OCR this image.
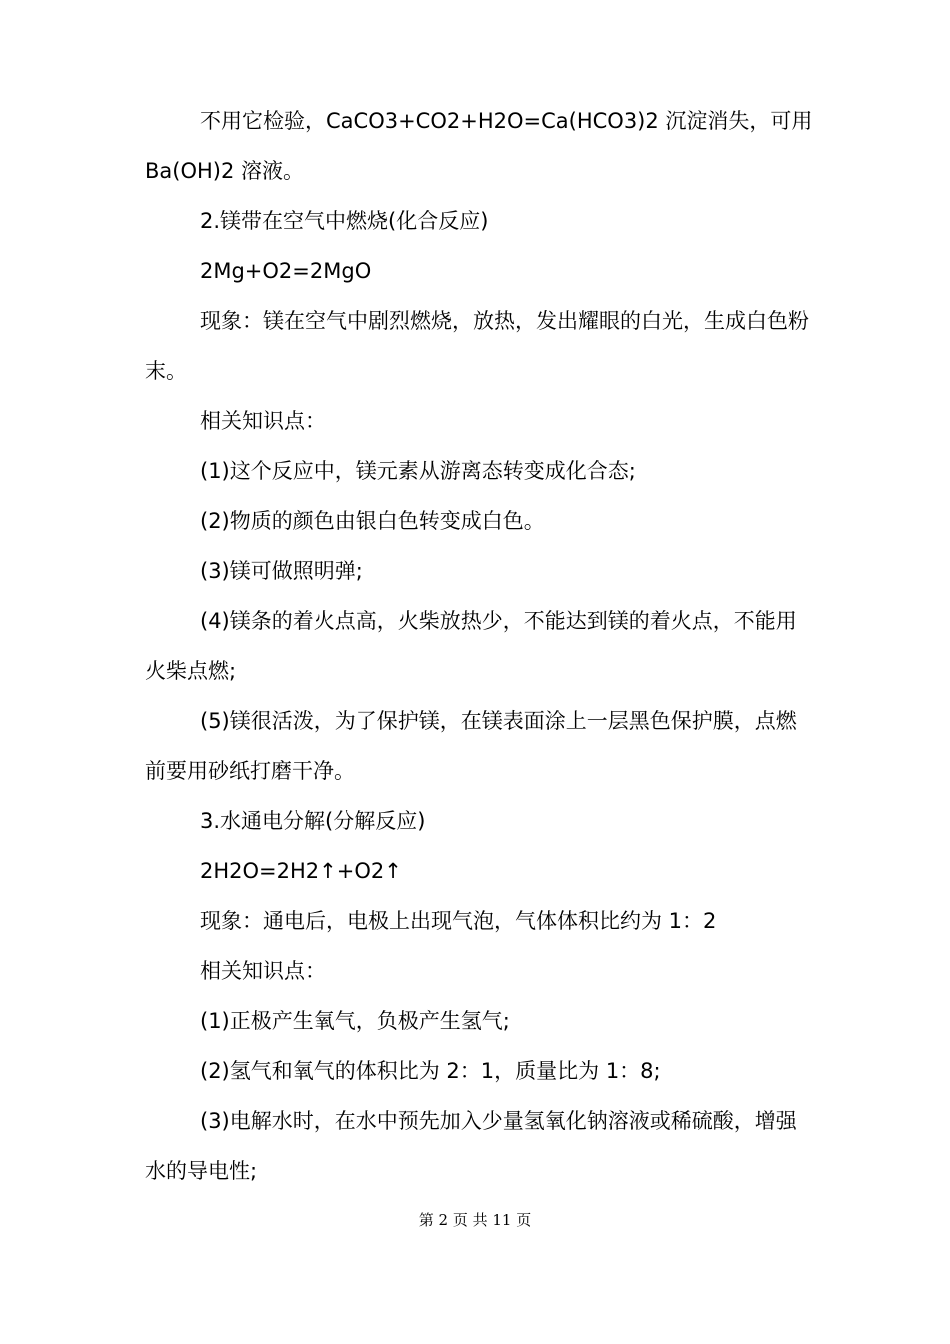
不用它检验，CaCO3+CO2+H2O=Ca(HCO3)2 沉淀消失，可用 Ba(OH)2 溶液。

2.镁带在空气中燃烧(化合反应)

2Mg+O2=2MgO

现象：镁在空气中剧烈燃烧，放热，发出耀眼的白光，生成白色粉末。

相关知识点：

(1)这个反应中，镁元素从游离态转变成化合态;

(2)物质的颜色由银白色转变成白色。

(3)镁可做照明弹;

(4)镁条的着火点高，火柴放热少，不能达到镁的着火点，不能用火柴点燃;

(5)镁很活泼，为了保护镁，在镁表面涂上一层黑色保护膜，点燃前要用砂纸打磨干净。

3.水通电分解(分解反应)

2H2O=2H2↑+O2↑

现象：通电后，电极上出现气泡，气体体积比约为 1：2

相关知识点：

(1)正极产生氧气，负极产生氢气;

(2)氢气和氧气的体积比为 2：1，质量比为 1：8;

(3)电解水时，在水中预先加入少量氢氧化钠溶液或稀硫酸，增强水的导电性;

第 2 页 共 11 页
